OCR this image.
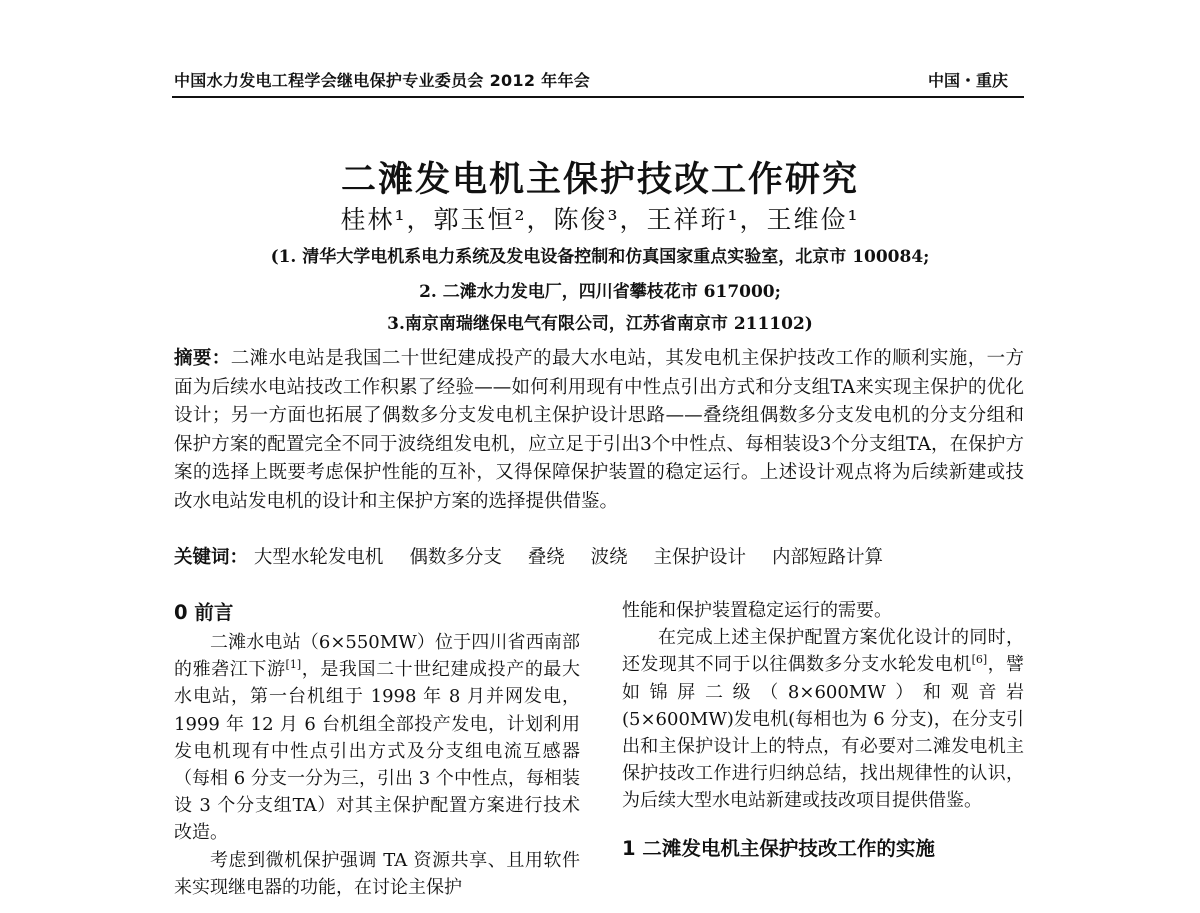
中国水力发电工程学会继电保护专业委员会 2012 年年会	中国・重庆
二滩发电机主保护技改工作研究
桂林¹，郭玉恒²，陈俊³，王祥珩¹，王维俭¹
(1. 清华大学电机系电力系统及发电设备控制和仿真国家重点实验室，北京市 100084;
2. 二滩水力发电厂，四川省攀枝花市 617000;
3.南京南瑞继保电气有限公司，江苏省南京市 211102)
摘要：二滩水电站是我国二十世纪建成投产的最大水电站，其发电机主保护技改工作的顺利实施，一方面为后续水电站技改工作积累了经验——如何利用现有中性点引出方式和分支组TA来实现主保护的优化设计；另一方面也拓展了偶数多分支发电机主保护设计思路——叠绕组偶数多分支发电机的分支分组和保护方案的配置完全不同于波绕组发电机，应立足于引出3个中性点、每相装设3个分支组TA，在保护方案的选择上既要考虑保护性能的互补，又得保障保护装置的稳定运行。上述设计观点将为后续新建或技改水电站发电机的设计和主保护方案的选择提供借鉴。
关键词： 大型水轮发电机 偶数多分支 叠绕 波绕 主保护设计 内部短路计算
0 前言

二滩水电站（6×550MW）位于四川省西南部的雅砻江下游[1]，是我国二十世纪建成投产的最大水电站，第一台机组于 1998 年 8 月并网发电，1999 年 12 月 6 台机组全部投产发电，计划利用发电机现有中性点引出方式及分支组电流互感器（每相 6 分支一分为三，引出 3 个中性点，每相装设 3 个分支组TA）对其主保护配置方案进行技术改造。

考虑到微机保护强调 TA 资源共享、且用软件来实现继电器的功能，在讨论主保护

性能和保护装置稳定运行的需要。

在完成上述主保护配置方案优化设计的同时，还发现其不同于以往偶数多分支水轮发电机[6]，譬如锦屏二级（8×600MW）和观音岩(5×600MW)发电机(每相也为 6 分支)，在分支引出和主保护设计上的特点，有必要对二滩发电机主保护技改工作进行归纳总结，找出规律性的认识，为后续大型水电站新建或技改项目提供借鉴。

1 二滩发电机主保护技改工作的实施
